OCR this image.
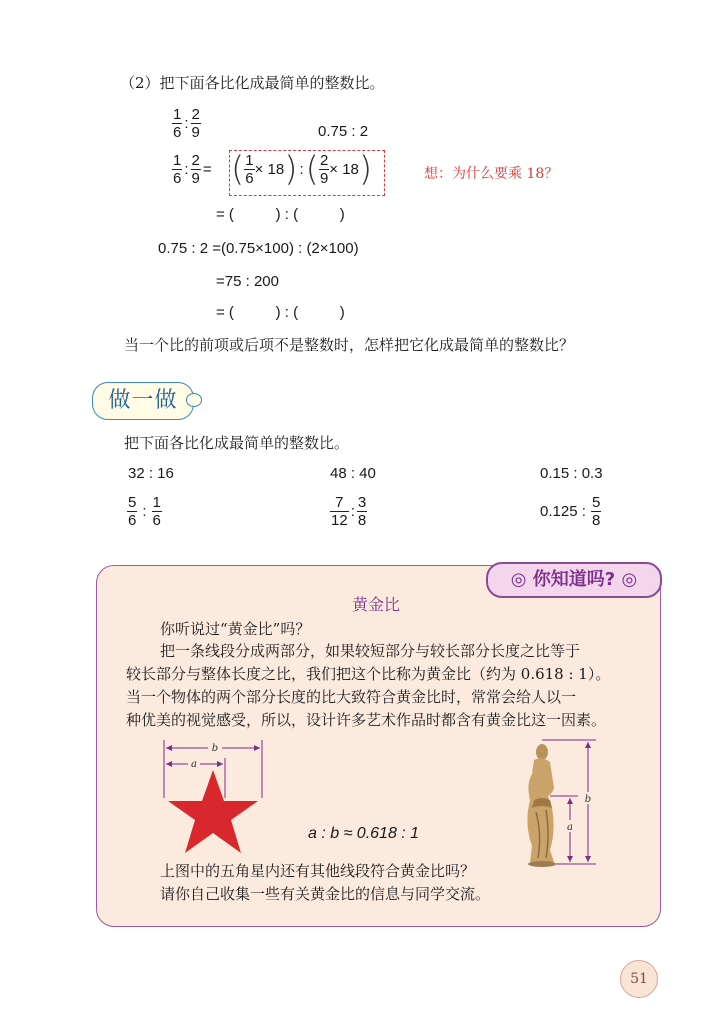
（2）把下面各比化成最简单的整数比。
$\frac{1}{6}$ : $\frac{2}{9}$	0.75 : 2
$\frac{1}{6}$ : $\frac{2}{9}$ = ( $\frac{1}{6} \times 18$) :( $\frac{2}{9} \times 18$)	想：为什么要乘 18？
= (          ) : (          )
0.75 : 2 =(0.75×100) : (2×100)
=75 : 200
= (          ) : (          )
当一个比的前项或后项不是整数时，怎样把它化成最简单的整数比？
做一做
把下面各比化成最简单的整数比。
32 : 16	48 : 40	0.15 : 0.3
$\frac{5}{6}$ : $\frac{1}{6}$	$\frac{7}{12}$ : $\frac{3}{8}$	0.125 : $\frac{5}{8}$
◎ 你知道吗? ◎
黄金比
你听说过“黄金比”吗？
把一条线段分成两部分，如果较短部分与较长部分长度之比等于
较长部分与整体长度之比，我们把这个比称为黄金比（约为 0.618 : 1）。
当一个物体的两个部分长度的比大致符合黄金比时，常常会给人以一
种优美的视觉感受，所以，设计许多艺术作品时都含有黄金比这一因素。
b
a
a : b ≈ 0.618 : 1
b
a
上图中的五角星内还有其他线段符合黄金比吗？
请你自己收集一些有关黄金比的信息与同学交流。
51
